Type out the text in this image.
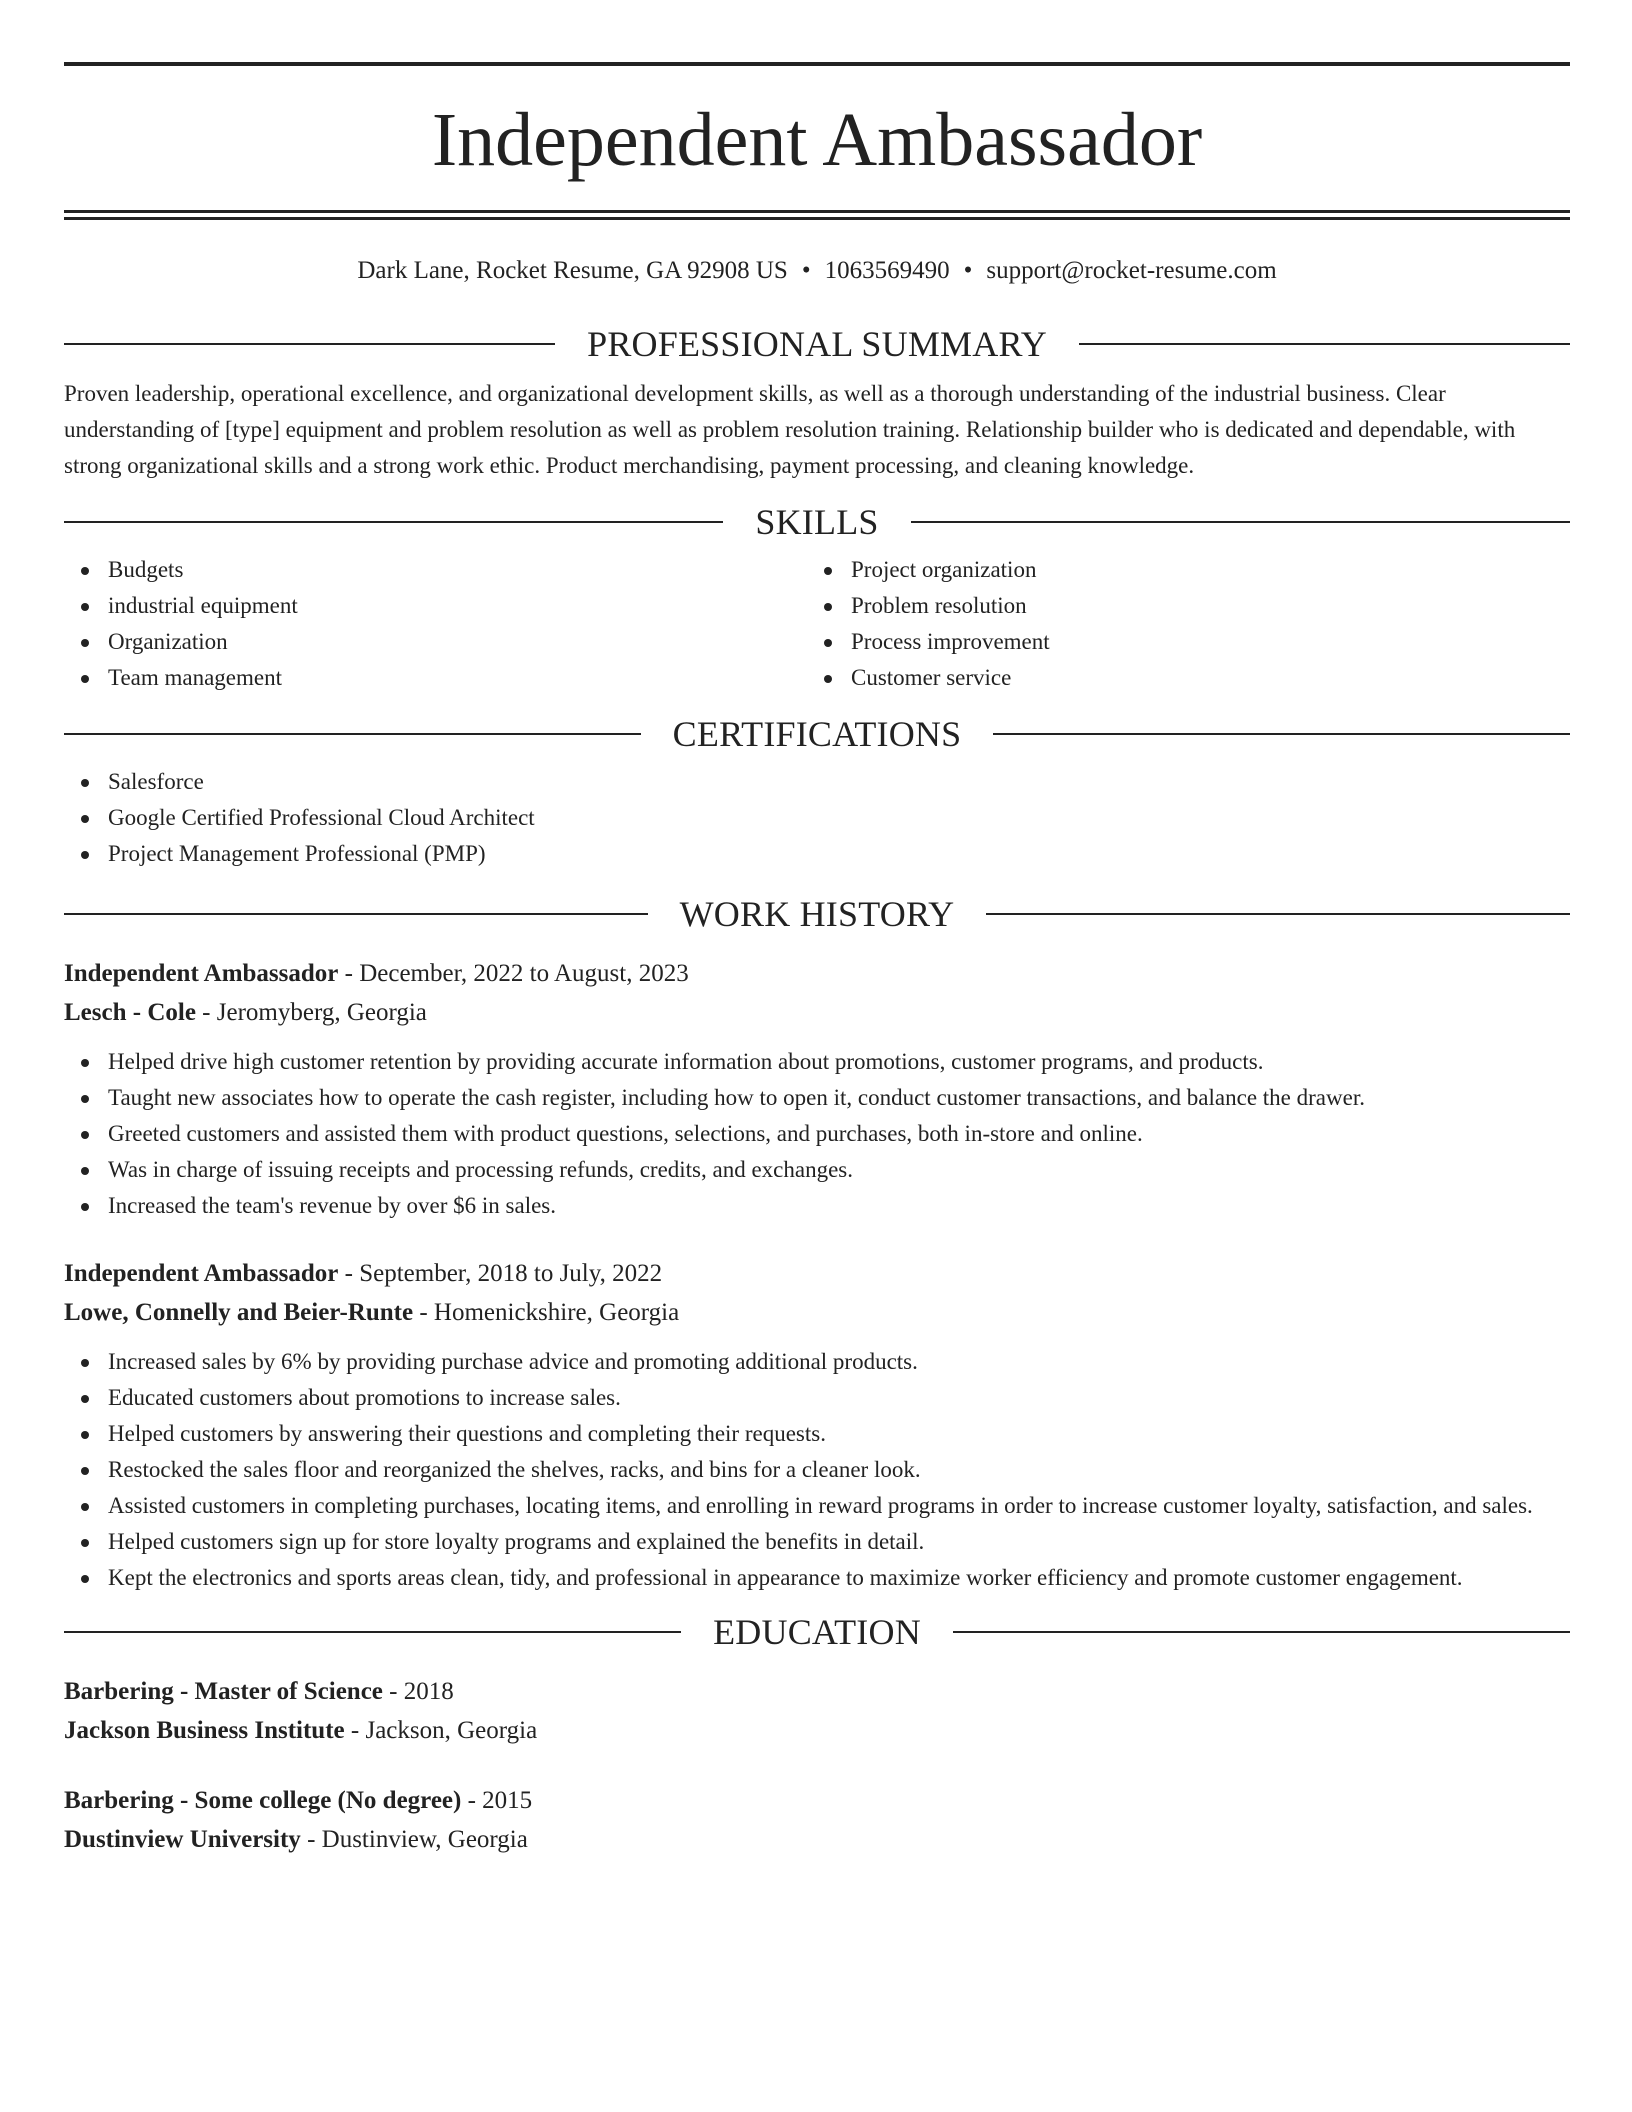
Independent Ambassador
Dark Lane, Rocket Resume, GA 92908 US • 1063569490 • support@rocket-resume.com
PROFESSIONAL SUMMARY

Proven leadership, operational excellence, and organizational development skills, as well as a thorough understanding of the industrial business. Clear understanding of [type] equipment and problem resolution as well as problem resolution training. Relationship builder who is dedicated and dependable, with strong organizational skills and a strong work ethic. Product merchandising, payment processing, and cleaning knowledge.

SKILLS
Budgets
industrial equipment
Organization
Team management
Project organization
Problem resolution
Process improvement
Customer service
CERTIFICATIONS
Salesforce
Google Certified Professional Cloud Architect
Project Management Professional (PMP)
WORK HISTORY
Independent Ambassador - December, 2022 to August, 2023
Lesch - Cole - Jeromyberg, Georgia
Helped drive high customer retention by providing accurate information about promotions, customer programs, and products.
Taught new associates how to operate the cash register, including how to open it, conduct customer transactions, and balance the drawer.
Greeted customers and assisted them with product questions, selections, and purchases, both in-store and online.
Was in charge of issuing receipts and processing refunds, credits, and exchanges.
Increased the team's revenue by over $6 in sales.
Independent Ambassador - September, 2018 to July, 2022
Lowe, Connelly and Beier-Runte - Homenickshire, Georgia
Increased sales by 6% by providing purchase advice and promoting additional products.
Educated customers about promotions to increase sales.
Helped customers by answering their questions and completing their requests.
Restocked the sales floor and reorganized the shelves, racks, and bins for a cleaner look.
Assisted customers in completing purchases, locating items, and enrolling in reward programs in order to increase customer loyalty, satisfaction, and sales.
Helped customers sign up for store loyalty programs and explained the benefits in detail.
Kept the electronics and sports areas clean, tidy, and professional in appearance to maximize worker efficiency and promote customer engagement.
EDUCATION
Barbering - Master of Science - 2018
Jackson Business Institute - Jackson, Georgia
Barbering - Some college (No degree) - 2015
Dustinview University - Dustinview, Georgia
